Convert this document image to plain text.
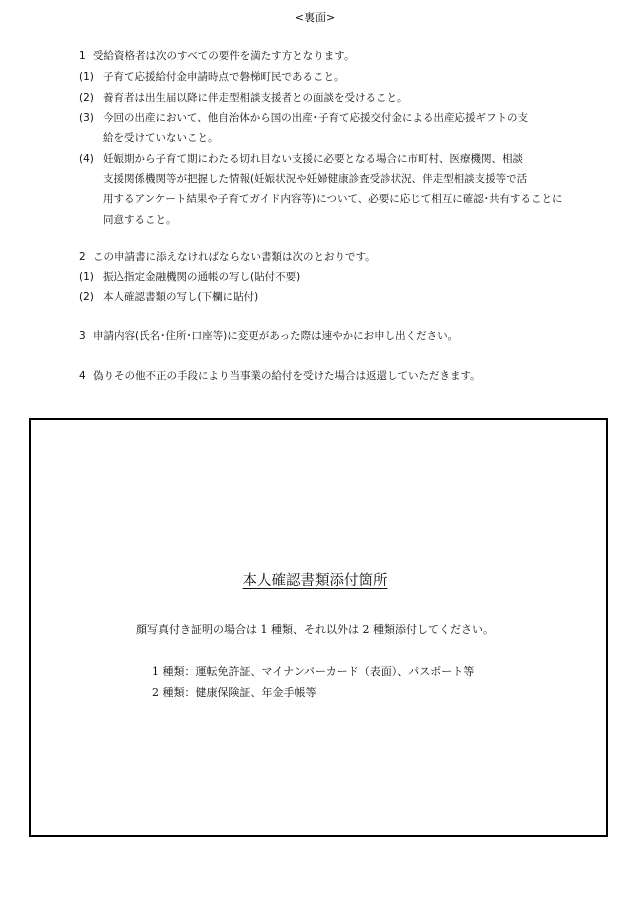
<裏面>
1 受給資格者は次のすべての要件を満たす方となります。
(1) 子育て応援給付金申請時点で磐梯町民であること。
(2) 養育者は出生届以降に伴走型相談支援者との面談を受けること。
(3) 今回の出産において、他自治体から国の出産･子育て応援交付金による出産応援ギフトの支
給を受けていないこと。
(4) 妊娠期から子育て期にわたる切れ目ない支援に必要となる場合に市町村、医療機関、相談
支援関係機関等が把握した情報(妊娠状況や妊婦健康診査受診状況、伴走型相談支援等で活
用するアンケート結果や子育てガイド内容等)について、必要に応じて相互に確認･共有することに
同意すること。
2 この申請書に添えなければならない書類は次のとおりです。
(1) 振込指定金融機関の通帳の写し(貼付不要)
(2) 本人確認書類の写し(下欄に貼付)
3 申請内容(氏名･住所･口座等)に変更があった際は速やかにお申し出ください。
4 偽りその他不正の手段により当事業の給付を受けた場合は返還していただきます。
本人確認書類添付箇所
顔写真付き証明の場合は 1 種類、それ以外は 2 種類添付してください。
1 種類：運転免許証、マイナンバーカード（表面）、パスポート等
2 種類：健康保険証、年金手帳等
